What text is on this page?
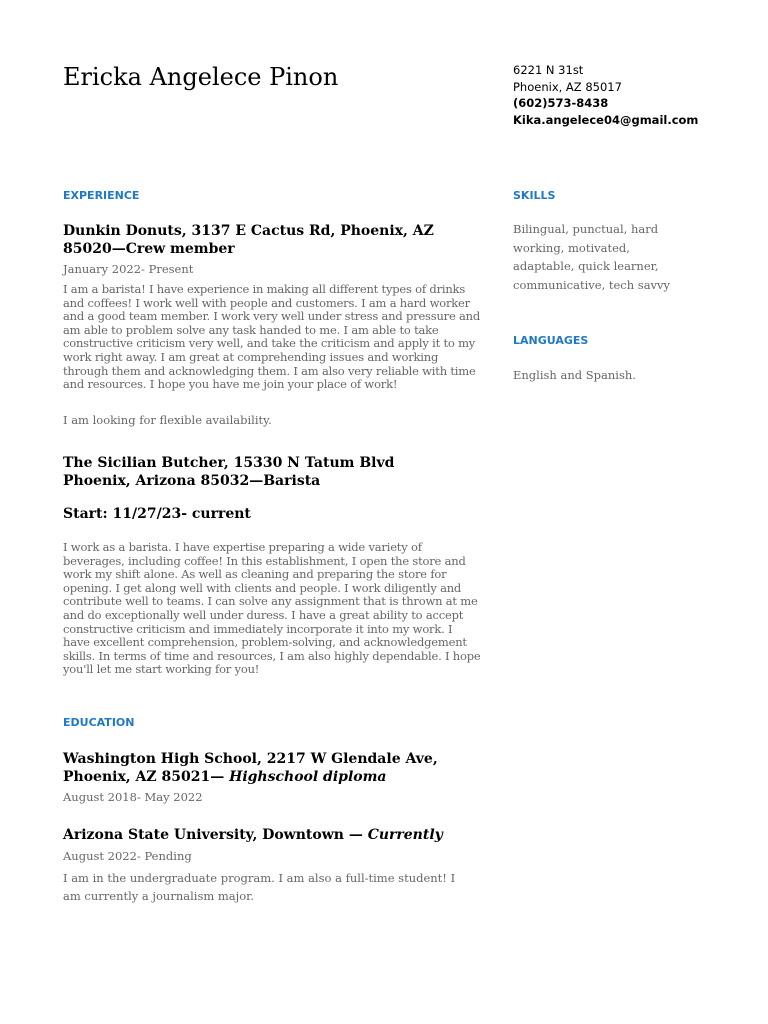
Ericka Angelece Pinon	6221 N 31st
Phoenix, AZ 85017
(602)573-8438
Kika.angelece04@gmail.com
EXPERIENCE
Dunkin Donuts, 3137 E Cactus Rd, Phoenix, AZ 85020—Crew member
January 2022- Present

I am a barista! I have experience in making all different types of drinks and coffees! I work well with people and customers. I am a hard worker and a good team member. I work very well under stress and pressure and am able to problem solve any task handed to me. I am able to take constructive criticism very well, and take the criticism and apply it to my work right away. I am great at comprehending issues and working through them and acknowledging them. I am also very reliable with time and resources. I hope you have me join your place of work!

I am looking for flexible availability.

The Sicilian Butcher, 15330 N Tatum Blvd
Phoenix, Arizona 85032—Barista
Start: 11/27/23- current

I work as a barista. I have expertise preparing a wide variety of beverages, including coffee! In this establishment, I open the store and work my shift alone. As well as cleaning and preparing the store for opening. I get along well with clients and people. I work diligently and contribute well to teams. I can solve any assignment that is thrown at me and do exceptionally well under duress. I have a great ability to accept constructive criticism and immediately incorporate it into my work. I have excellent comprehension, problem-solving, and acknowledgement skills. In terms of time and resources, I am also highly dependable. I hope you'll let me start working for you!

EDUCATION
Washington High School, 2217 W Glendale Ave, Phoenix, AZ 85021— Highschool diploma
August 2018- May 2022
Arizona State University, Downtown — Currently
August 2022- Pending

I am in the undergraduate program. I am also a full-time student! I am currently a journalism major.

SKILLS

Bilingual, punctual, hard working, motivated, adaptable, quick learner, communicative, tech savvy

LANGUAGES

English and Spanish.
